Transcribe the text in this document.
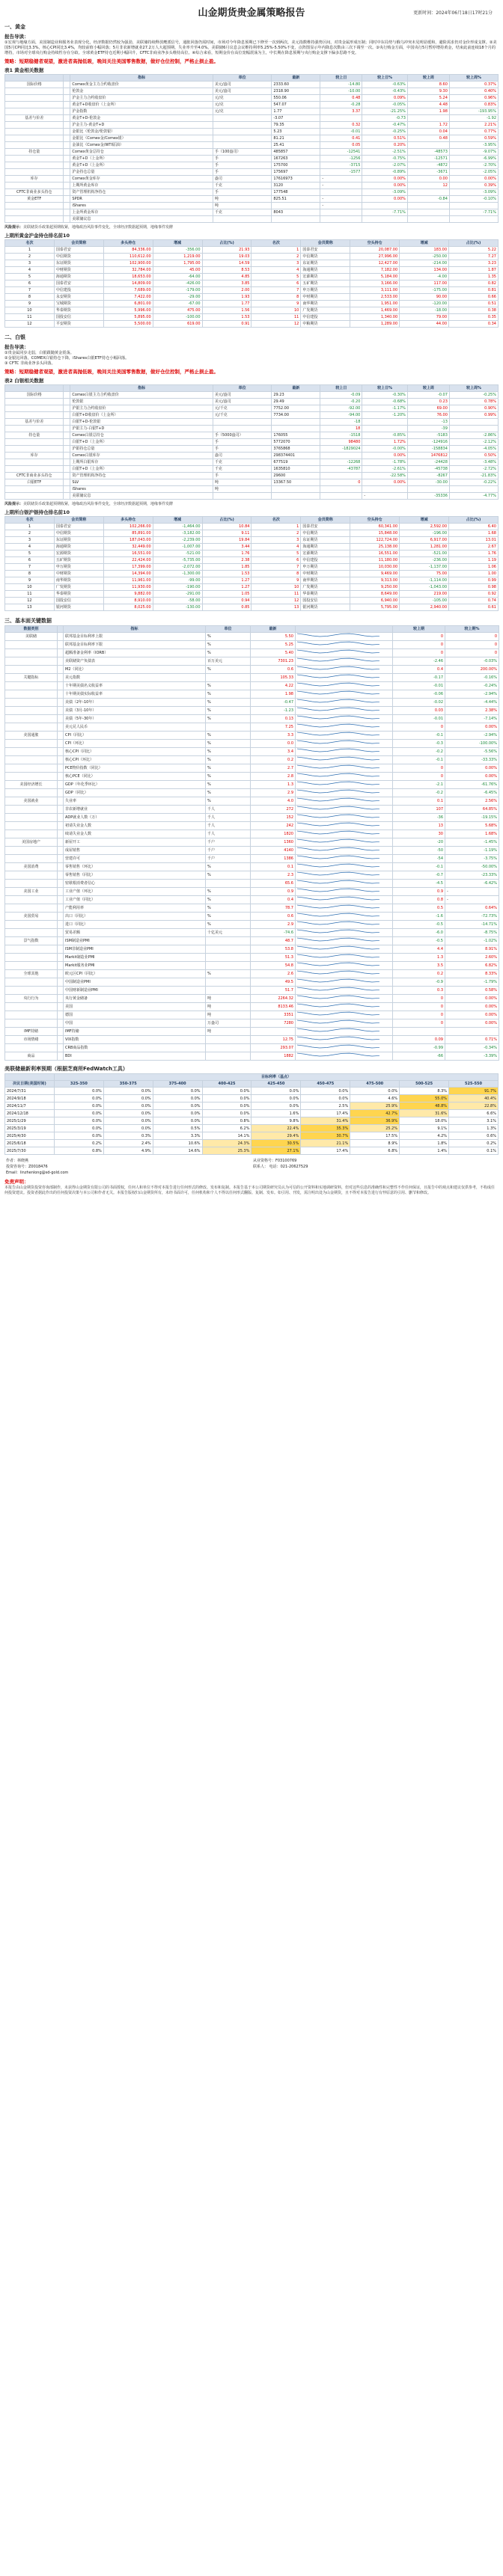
山金期货贵金属策略报告	更新时间：2024年06月18日17时21分
一、黄金
报告导读：
①宏观与地缘方面，美国制造业和服务业表现分化，经济数据仍然较为强劲，美联储持续释放鹰派信号，通胀回落仍需时间，市场对今年降息预期已下修至一次到两次，美元指数维持强势区间，对贵金属形成压制；同时中东局势与俄乌冲突未见明显缓和，避险需求仍对金价形成支撑。②美国5月CPI同比3.3%，核心CPI同比3.4%，均较前值小幅回落；5月非农新增就业27.2万人大超预期，失业率升至4.0%。美联储6月议息会议维持利率5.25%-5.50%不变，点阵图显示年内降息次数由三次下调至一次。③央行购金方面，中国央行5月暂停增持黄金，结束此前连续18个月的增持，市场对全球央行购金持续性存在分歧。全球黄金ETF持仓近期小幅回升，CFTC非商业净多头维持高位。④综合来看，短期金价在高位宽幅震荡为主，中长期在降息预期与央行购金支撑下偏多思路不变。
策略：短期稳健者观望，激进者高抛低吸，晚间关注美国零售数据，做好仓位控制，严格止损止盈。
表1 黄金相关数据
		指标	单位	最新	较上日	较上日%	较上周	较上周%
国际价格		Comex黄金主力合约收盘价	美元/盎司	2333.60	-14.80	-0.63%	8.60	0.37%
		伦敦金	美元/盎司	2318.90	-10.00	-0.43%	9.30	0.40%
		沪金主力合约收盘价	元/克	550.06	0.48	0.09%	5.24	0.96%
		黄金T+D收盘价（上金所）	元/克	547.07	-0.28	-0.05%	4.48	0.83%
		沪金指数	元/克	1.77	3.37	-21.25%	1.98	-193.95%
基差与价差		黄金T+D-伦敦金		-3.07		-0.73		-1.92
		沪金主力-黄金T+D		79.35	0.32	-0.47%	1.72	2.21%
		金银比（伦敦金/伦敦银）		5.23	-0.01	-0.25%	0.04	0.77%
		金银比（Comex金/Comex银）		81.21	0.41	0.51%	0.48	0.59%
		金油比（Comex金/WTI原油）		25.41	0.05	0.20%		-3.95%
持仓量		Comex黄金总持仓	手（100盎司）	485857	-12541	-2.51%	-48573	-9.07%
		黄金T+D（上金所）	手	167263	-1256	-0.75%	-12571	-6.99%
		黄金T+D（上金所）	手	175700	-3715	-2.07%	-4872	-2.70%
		沪金持仓总量	手	175697	-1577	-0.89%	-3671	-2.05%
库存		Comex黄金库存	盎司	17616973	-	0.00%	0.00	0.00%
		上期所黄金库存	千克	3120	-	0.00%	12	0.39%
CFTC非商业多头持仓		资产管理机构净持仓	手	177548		-3.09%		-3.09%
黄金ETF		SPDR	吨	825.51	-	0.00%	-0.84	-0.10%
		iShares	吨		-			
		上金所黄金库存	千克	8043		-7.71%		-7.71%
		美联储议息						
风险提示：美联储货币政策超预期收紧，地缘政治风险事件变化，全球经济数据超预期，地缘事件发酵
上期所黄金沪金持仓排名前10
名次	会员简称	多头持仓	增减	占比(%)	名次	会员简称	空头持仓	增减	占比(%)
1	国泰君安	84,336.00	-356.00	21.93	1	国泰君安	20,087.00	183.00	5.22
2	中信期货	110,612.00	1,219.00	19.03	2	中信期货	27,996.00	-250.00	7.27
3	东证期货	102,900.00	1,795.00	14.59	3	东证期货	12,427.00	-214.00	3.23
4	中财期货	32,784.00	45.00	8.53	4	海通期货	7,182.00	134.00	1.87
5	海通期货	18,653.00	-64.00	4.85	5	宏源期货	5,184.00	-4.00	1.35
6	国泰君安	14,809.00	-426.00	3.85	6	五矿期货	3,166.00	117.00	0.82
7	中信建投	7,689.00	-179.00	2.00	7	申万期货	3,111.00	-175.00	0.81
8	永安期货	7,422.00	-29.00	1.93	8	中财期货	2,533.00	90.00	0.66
9	宝城期货	6,801.00	-67.00	1.77	9	南华期货	1,951.00	-120.00	0.51
10	华泰期货	5,996.00	475.00	1.56	10	广发期货	1,469.00	-18.00	0.38
11	国投安信	5,895.00	-100.00	1.53	11	中信建投	1,340.00	79.00	0.35
12	平安期货	5,500.00	619.00	0.91	12	中粮期货	1,289.00	44.00	0.34
二、白银
报告导读：
①贵金属同步走弱，白银跟随黄金震荡。
②金银比回落，COMEX白银持仓下降，iShares白银ETF持仓小幅回落。
③ CFTC 非商业净多头回落。
策略：短期稳健者观望，激进者高抛低吸，晚间关注美国零售数据，做好仓位控制，严格止损止盈。
表2 白银相关数据
		指标	单位	最新	较上日	较上日%	较上周	较上周%
国际价格		Comex白银主力合约收盘价	美元/盎司	29.23	-0.09	-0.30%	-0.07	-0.25%
		伦敦银	美元/盎司	29.49	-0.20	-0.68%	0.23	0.78%
		沪银主力合约收盘价	元/千克	7752.00	-92.00	-1.17%	69.00	0.90%
		白银T+D收盘价（上金所）	元/千克	7734.00	-94.00	-1.20%	76.00	0.99%
基差与价差		白银T+D-伦敦银			-18		-13	
		沪银主力-白银T+D			18		-39	
持仓量		Comex白银总持仓	手（5000盎司）	176055	-1518	-0.85%	-5183	-2.86%
		白银T+D（上金所）	手	5772070	98480	1.72%	-124916	-2.12%
		沪银持仓总量	手	3765868	-1829024	-0.00%	-158834	-4.05%
库存		Comex白银库存	盎司	298374401		0.00%	1476812	0.50%
		上期所白银库存	千克	677519	-12268	-1.78%	-24428	-3.48%
		白银T+D（上金所）	千克	1635810	-43787	-2.61%	-45738	-2.72%
CFTC非商业多头持仓		资产管理机构净持仓	手	29600		-22.58%	-8267	-21.83%
白银ETF		SLV	吨	13367.50	0	0.00%	-30.00	-0.22%
		iShares	吨					
		美联储议息				-	-35336	-4.77%
风险提示：美联储货币政策超预期收紧，地缘政治风险事件变化，全球经济数据超预期，地缘事件发酵
上期所白银沪银持仓排名前10
名次	会员简称	多头持仓	增减	占比(%)	名次	会员简称	空头持仓	增减	占比(%)
1	国泰君安	102,266.00	-1,464.00	10.84	1	国泰君安	60,341.00	2,592.00	6.40
2	中信期货	85,891.00	-3,182.00	9.11	2	中信期货	15,848.00	-196.00	1.68
3	东证期货	187,043.00	-2,239.00	19.84	3	东证期货	122,724.00	6,917.00	13.01
4	海通期货	32,449.00	-1,007.00	3.44	4	海通期货	25,138.00	1,281.00	2.67
5	宏源期货	16,551.00	-521.00	1.76	5	宏源期货	16,551.00	-521.00	1.76
6	五矿期货	22,424.00	-5,735.00	2.38	6	中信建投	11,180.00	-236.00	1.19
7	申万期货	17,399.00	-2,072.00	1.85	7	申万期货	10,030.00	-1,137.00	1.06
8	中财期货	14,394.00	-1,300.00	1.53	8	中财期货	9,469.00	75.00	1.00
9	南华期货	11,961.00	-99.00	1.27	9	南华期货	9,313.00	-1,114.00	0.99
10	广发期货	11,930.00	-190.00	1.27	10	广发期货	9,250.00	-1,043.00	0.98
11	华泰期货	9,882.00	-291.00	1.05	11	华泰期货	8,649.00	219.00	0.92
12	国投安信	8,910.00	-58.00	0.94	12	国投安信	6,940.00	-105.00	0.74
13	银河期货	8,025.00	-130.00	0.85	13	银河期货	5,795.00	2,940.00	0.61
三、基本面关键数据
数据类别		指标	单位	最新		较上期	较上期%
美联储		联邦基金目标利率上限	%	5.50		0	0
		联邦基金目标利率下限	%	5.25		0	0
		超额准备金利率（IORB）	%	5.40		0	0
		美联储资产负债表	百万美元	7301.23		-2.46	-0.03%
		M2（同比）	%	0.6		0.4	200.00%
关键指标		美元指数		105.33		-0.17	-0.16%
		十年期美债名义收益率	%	4.22		-0.01	-0.24%
		十年期美债实际收益率	%	1.98		-0.06	-2.94%
		美债（2年-10年）	%	-0.47		-0.02	-4.44%
		美债（3月-10年）	%	-1.23		0.03	2.38%
		美债（5年-30年）	%	0.13		-0.01	-7.14%
		美元兑人民币		7.25		0	0.00%
美国通胀		CPI（同比）	%	3.3		-0.1	-2.94%
		CPI（环比）	%	0.0		-0.3	-100.00%
		核心CPI（同比）	%	3.4		-0.2	-5.56%
		核心CPI（环比）	%	0.2		-0.1	-33.33%
		PCE物价指数（同比）	%	2.7		0	0.00%
		核心PCE（同比）	%	2.8		0	0.00%
美国经济增长		GDP（年化季环比）	%	1.3		-2.1	-61.76%
		GDP（同比）	%	2.9		-0.2	-6.45%
美国就业		失业率	%	4.0		0.1	2.56%
		非农新增就业	千人	272		107	64.85%
		ADP就业人数（万）	千人	152		-36	-19.15%
		初请失业金人数	千人	242		13	5.68%
		续请失业金人数	千人	1820		30	1.68%
美国房地产		新屋开工	千户	1360		-20	-1.45%
		成屋销售	千户	4140		-50	-1.19%
		营建许可	千户	1386		-54	-3.75%
美国消费		零售销售（环比）	%	0.1		-0.1	-50.00%
		零售销售（同比）	%	2.3		-0.7	-23.33%
		密歇根消费者信心		65.6		-4.5	-6.42%
美国工业		工业产值（环比）	%	0.9		0.9	-
		工业产值（同比）	%	0.4		0.8	-
		产能利用率	%	78.7		0.5	0.64%
美国贸易		出口（同比）	%	0.6		-1.6	-72.73%
		进口（同比）	%	2.9		-0.5	-14.71%
		贸易差额	十亿美元	-74.6		-6.0	-8.75%
景气指数		ISM制造业PMI		48.7		-0.5	-1.02%
		ISM非制造业PMI		53.8		4.4	8.91%
		Markit制造业PMI		51.3		1.3	2.60%
		Markit服务业PMI		54.8		3.5	6.82%
全球其他		欧元区CPI（同比）	%	2.6		0.2	8.33%
		中国制造业PMI		49.5		-0.9	-1.79%
		中国财新制造业PMI		51.7		0.3	0.58%
央行行为		央行黄金储备	吨	2264.32		0	0.00%
		美国	吨	8133.46		0	0.00%
		德国	吨	3351		0	0.00%
		中国	万盎司	7280		0	0.00%
IMF持储		IMF持储	吨				
市场情绪		VIX指数		12.75		0.09	0.71%
		CRB商品指数		293.07		-0.99	-0.34%
商品		BDI		1882		-66	-3.39%
美联储最新利率预期（根据芝商所FedWatch工具）
	目标利率（基点）								
决议日期(美国时间)	325-350	350-375	375-400	400-425	425-450	450-475	475-500	500-525	525-550
2024/7/31	0.0%	0.0%	0.0%	0.0%	0.0%	0.0%	0.0%	8.3%	91.7%
2024/9/18	0.0%	0.0%	0.0%	0.0%	0.0%	0.0%	4.6%	55.0%	40.4%
2024/11/7	0.0%	0.0%	0.0%	0.0%	0.0%	2.5%	25.9%	48.8%	22.8%
2024/12/18	0.0%	0.0%	0.0%	0.0%	1.6%	17.4%	42.7%	31.6%	6.6%
2025/1/29	0.0%	0.0%	0.0%	0.8%	9.8%	31.4%	36.9%	18.0%	3.1%
2025/3/19	0.0%	0.0%	0.5%	6.2%	22.4%	35.3%	25.2%	9.1%	1.3%
2025/4/30	0.0%	0.3%	3.3%	14.1%	29.4%	30.7%	17.5%	4.2%	0.6%
2025/6/18	0.2%	2.4%	10.6%	24.3%	30.5%	21.1%	8.9%	1.8%	0.2%
2025/7/30	0.8%	4.9%	14.6%	25.3%	27.1%	17.4%	6.8%	1.4%	0.1%
作者：林晓燕	从业资格号：F03100769
投资咨询号：Z0018476	联系人： 电话：021-20627529
Email：linzhenlong@sd-gold.com	
免责声明：
本报告由山金期货投资咨询部制作，未获得山金期货有限公司的书面授权，任何人和单位不得对本报告进行任何形式的修改、发布和复制。本报告基于本公司期货研究员认为可信的公开资料和实地调研资料，但对这些信息的准确性和完整性不作任何保证，且报告中的观点和建议仅供参考，不构成任何投资建议。投资者据此作出的任何投资决策与本公司和作者无关。本报告版权归山金期货所有，未经书面许可，任何机构和个人不得以任何形式翻版、复制、发布。如引用、刊发，需注明出处为山金期货，且不得对本报告进行有悖原意的引用、删节和修改。
